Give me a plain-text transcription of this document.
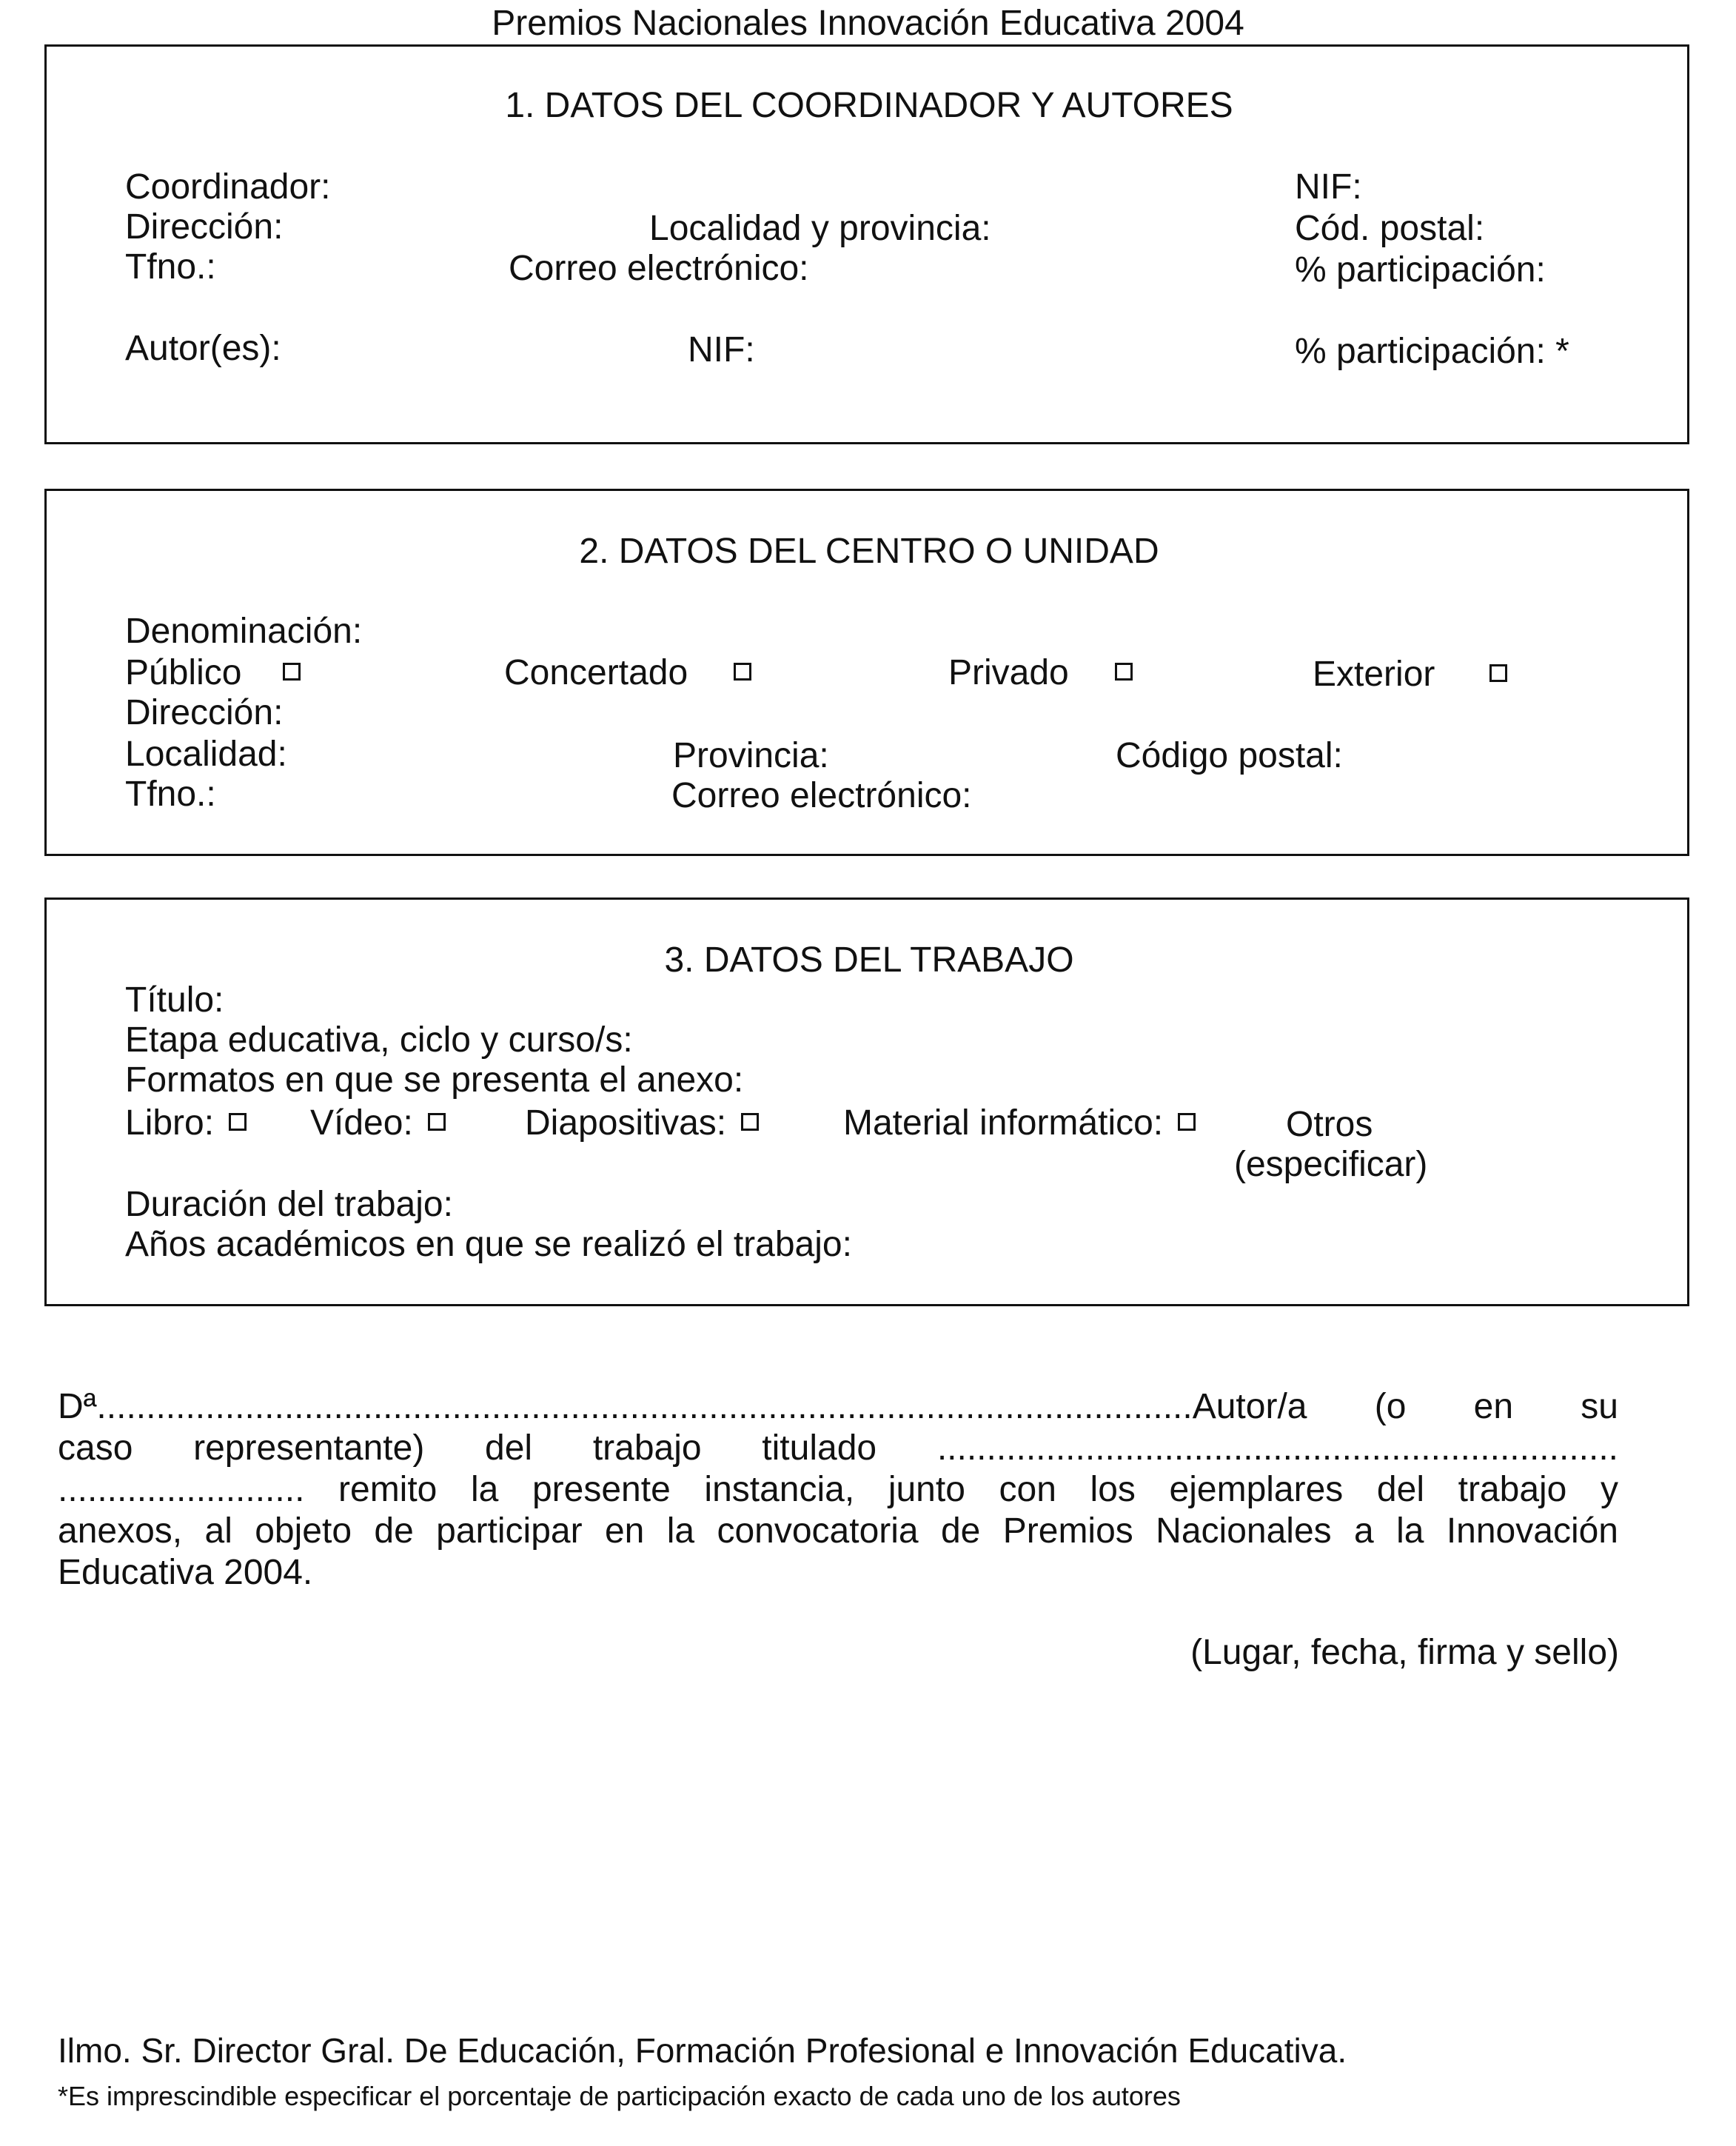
Premios Nacionales Innovación Educativa 2004
1. DATOS DEL COORDINADOR Y AUTORES
Coordinador:	NIF:
Dirección:	Localidad y provincia:	Cód. postal:
Tfno.:	Correo electrónico:	% participación:
Autor(es):	NIF:	% participación: *
2. DATOS DEL CENTRO O UNIDAD
Denominación:
Público	Concertado	Privado	Exterior
Dirección:
Localidad:	Provincia:	Código postal:
Tfno.:	Correo electrónico:
3. DATOS DEL TRABAJO
Título:
Etapa educativa, ciclo y curso/s:
Formatos en que se presenta el anexo:
Libro:	Vídeo:	Diapositivas:	Material informático:	Otros
(especificar)
Duración del trabajo:
Años académicos en que se realizó el trabajo:
Dª...............................................................................................................Autor/a (o en su
caso representante) del trabajo titulado .....................................................................
......................... remito la presente instancia, junto con los ejemplares del trabajo y
anexos, al objeto de participar en la convocatoria de Premios Nacionales a la Innovación
Educativa 2004.
(Lugar, fecha, firma y sello)
Ilmo. Sr. Director Gral. De Educación, Formación Profesional e Innovación Educativa.
*Es imprescindible especificar el porcentaje de participación exacto de cada uno de los autores
